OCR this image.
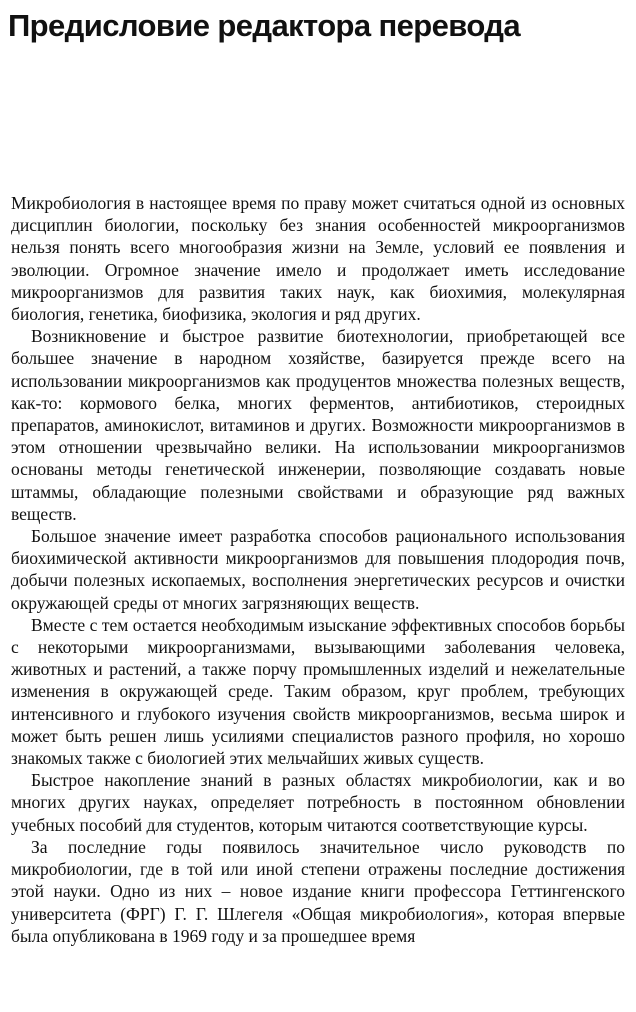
Предисловие редактора перевода

Микробиология в настоящее время по праву может считаться одной из основных дисциплин биологии, поскольку без знания особенностей микроорганизмов нельзя понять всего многообразия жизни на Земле, условий ее появления и эволюции. Огромное значение имело и продолжает иметь исследование микроорганизмов для развития таких наук, как биохимия, молекулярная биология, генетика, биофизика, экология и ряд других.

Возникновение и быстрое развитие биотехнологии, приобретающей все большее значение в народном хозяйстве, базируется прежде всего на использовании микроорганизмов как продуцентов множества полезных веществ, как-то: кормового белка, многих ферментов, антибиотиков, стероидных препаратов, аминокислот, витаминов и других. Возможности микроорганизмов в этом отношении чрезвычайно велики. На использовании микроорганизмов основаны методы генетической инженерии, позволяющие создавать новые штаммы, обладающие полезными свойствами и образующие ряд важных веществ.

Большое значение имеет разработка способов рационального использования биохимической активности микроорганизмов для повышения плодородия почв, добычи полезных ископаемых, восполнения энергетических ресурсов и очистки окружающей среды от многих загрязняющих веществ.

Вместе с тем остается необходимым изыскание эффективных способов борьбы с некоторыми микроорганизмами, вызывающими заболевания человека, животных и растений, а также порчу промышленных изделий и нежелательные изменения в окружающей среде. Таким образом, круг проблем, требующих интенсивного и глубокого изучения свойств микроорганизмов, весьма широк и может быть решен лишь усилиями специалистов разного профиля, но хорошо знакомых также с биологией этих мельчайших живых существ.

Быстрое накопление знаний в разных областях микробиологии, как и во многих других науках, определяет потребность в постоянном обновлении учебных пособий для студентов, которым читаются соответствующие курсы.

За последние годы появилось значительное число руководств по микробиологии, где в той или иной степени отражены последние достижения этой науки. Одно из них – новое издание книги профессора Геттингенского университета (ФРГ) Г. Г. Шлегеля «Общая микробиология», которая впервые была опубликована в 1969 году и за прошедшее время
